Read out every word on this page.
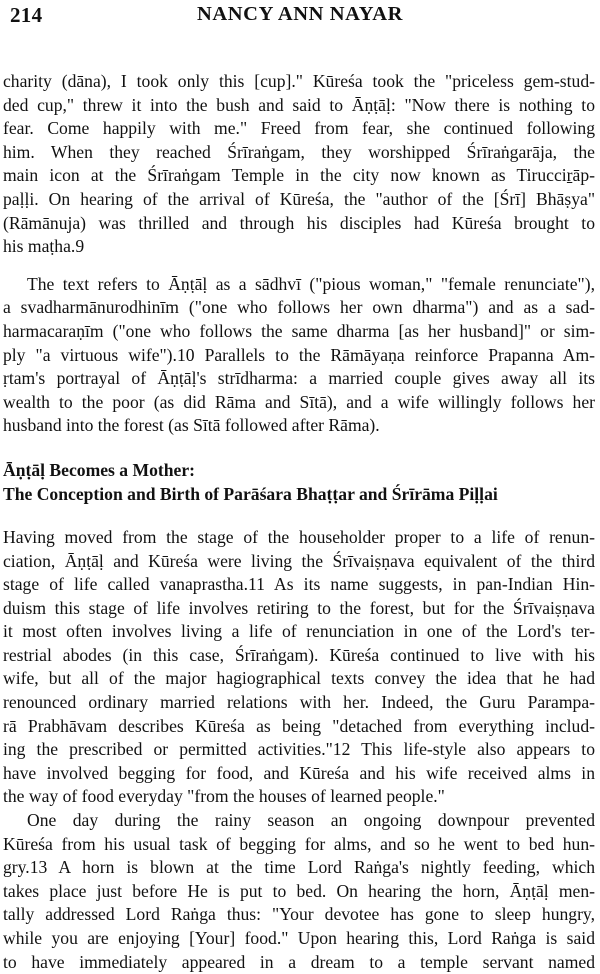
214	NANCY ANN NAYAR

charity (dāna), I took only this [cup]." Kūreśa took the "priceless gem-stud-
ded cup," threw it into the bush and said to Āṇṭāḷ: "Now there is nothing to
fear. Come happily with me." Freed from fear, she continued following
him. When they reached Śrīraṅgam, they worshipped Śrīraṅgarāja, the
main icon at the Śrīraṅgam Temple in the city now known as Tirucciṟāp-
paḷḷi. On hearing of the arrival of Kūreśa, the "author of the [Śrī] Bhāṣya"
(Rāmānuja) was thrilled and through his disciples had Kūreśa brought to
his maṭha.9

The text refers to Āṇṭāḷ as a sādhvī ("pious woman," "female renunciate"),
a svadharmānurodhinīm ("one who follows her own dharma") and as a sad-
harmacaraṇīm ("one who follows the same dharma [as her husband]" or sim-
ply "a virtuous wife").10 Parallels to the Rāmāyaṇa reinforce Prapanna Am-
ṛtam's portrayal of Āṇṭāḷ's strīdharma: a married couple gives away all its
wealth to the poor (as did Rāma and Sītā), and a wife willingly follows her
husband into the forest (as Sītā followed after Rāma).

Āṇṭāḷ Becomes a Mother:

The Conception and Birth of Parāśara Bhaṭṭar and Śrīrāma Piḷḷai

Having moved from the stage of the householder proper to a life of renun-
ciation, Āṇṭāḷ and Kūreśa were living the Śrīvaiṣṇava equivalent of the third
stage of life called vanaprastha.11 As its name suggests, in pan-Indian Hin-
duism this stage of life involves retiring to the forest, but for the Śrīvaiṣṇava
it most often involves living a life of renunciation in one of the Lord's ter-
restrial abodes (in this case, Śrīraṅgam). Kūreśa continued to live with his
wife, but all of the major hagiographical texts convey the idea that he had
renounced ordinary married relations with her. Indeed, the Guru Parampa-
rā Prabhāvam describes Kūreśa as being "detached from everything includ-
ing the prescribed or permitted activities."12 This life-style also appears to
have involved begging for food, and Kūreśa and his wife received alms in
the way of food everyday "from the houses of learned people."

One day during the rainy season an ongoing downpour prevented
Kūreśa from his usual task of begging for alms, and so he went to bed hun-
gry.13 A horn is blown at the time Lord Raṅga's nightly feeding, which
takes place just before He is put to bed. On hearing the horn, Āṇṭāḷ men-
tally addressed Lord Raṅga thus: "Your devotee has gone to sleep hungry,
while you are enjoying [Your] food." Upon hearing this, Lord Raṅga is said
to have immediately appeared in a dream to a temple servant named
